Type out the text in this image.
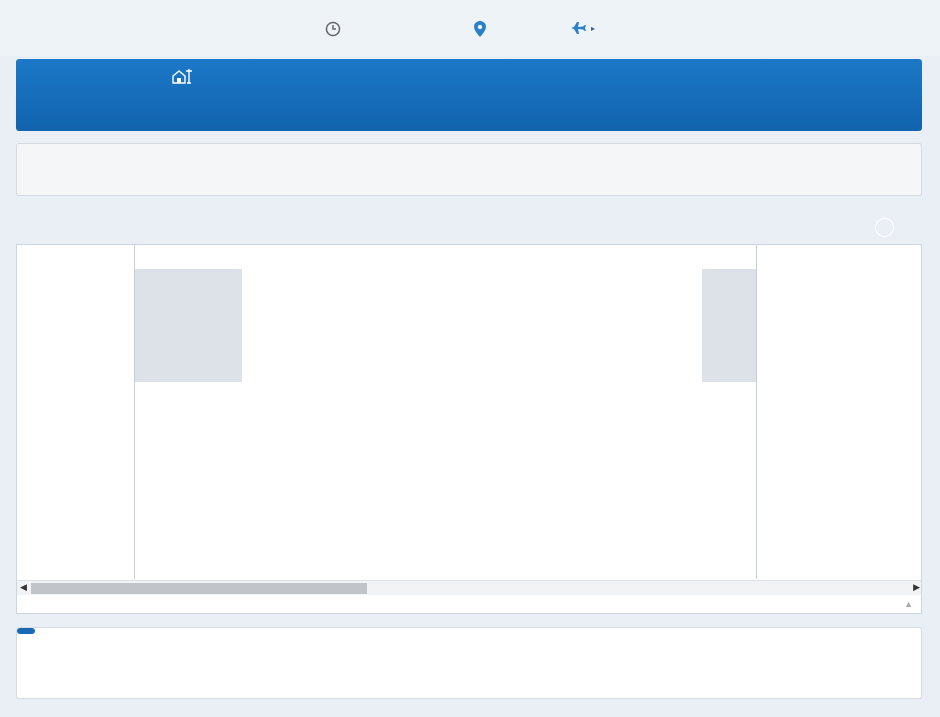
▸
◀	▶
▲
